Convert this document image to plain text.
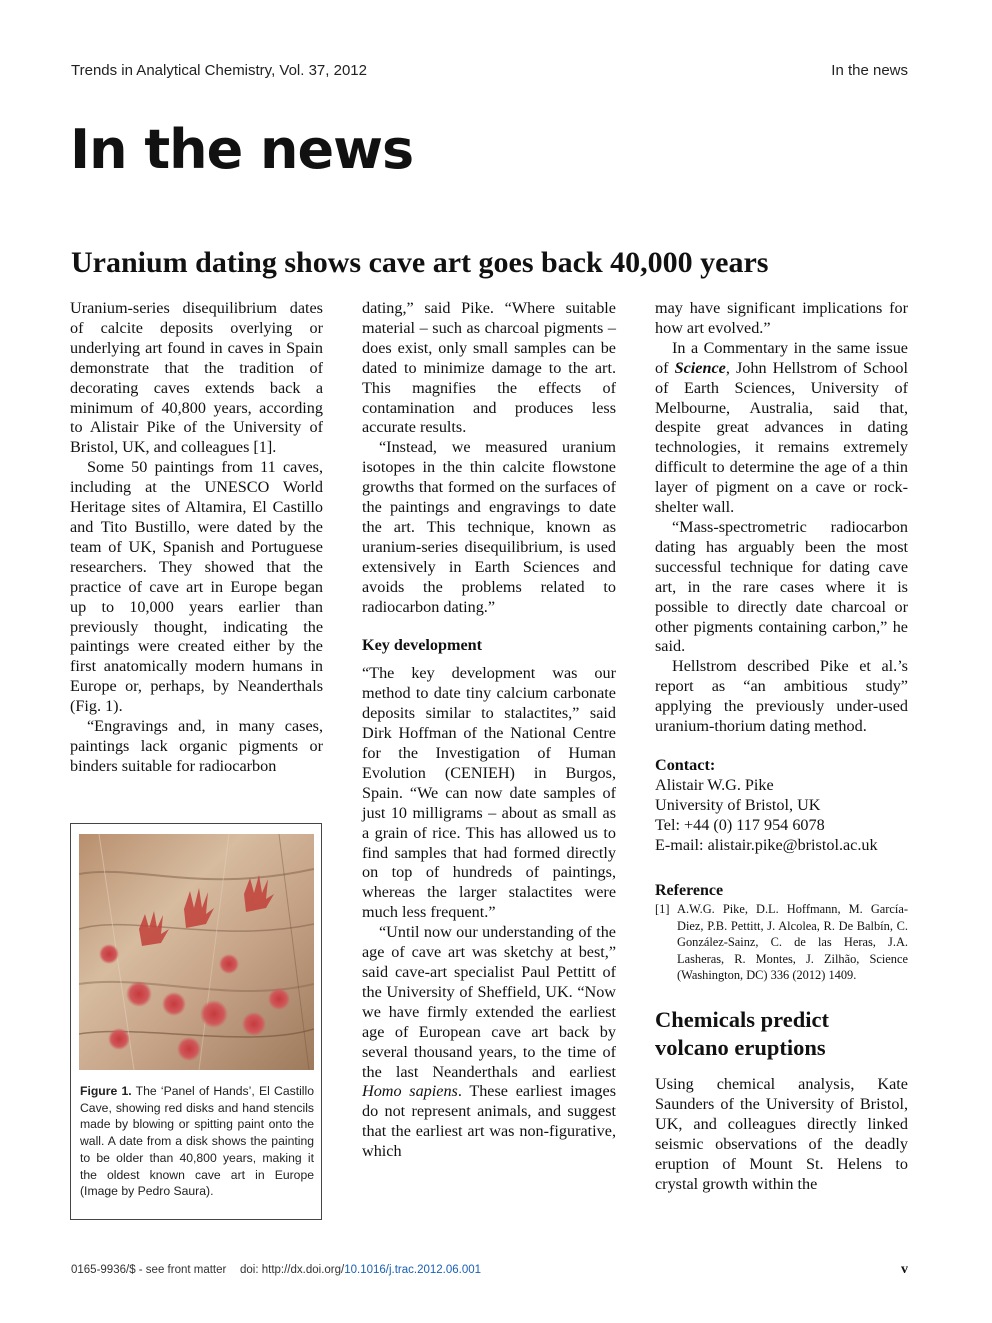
Trends in Analytical Chemistry, Vol. 37, 2012	In the news
In the news
Uranium dating shows cave art goes back 40,000 years

Uranium-series disequilibrium dates of calcite deposits overlying or underlying art found in caves in Spain demonstrate that the tradition of decorating caves extends back a minimum of 40,800 years, according to Alistair Pike of the University of Bristol, UK, and colleagues [1].

Some 50 paintings from 11 caves, including at the UNESCO World Heritage sites of Altamira, El Castillo and Tito Bustillo, were dated by the team of UK, Spanish and Portuguese researchers. They showed that the practice of cave art in Europe began up to 10,000 years earlier than previously thought, indicating the paintings were created either by the first anatomically modern humans in Europe or, perhaps, by Neanderthals (Fig. 1).

“Engravings and, in many cases, paintings lack organic pigments or binders suitable for radiocarbon

Figure 1. The ‘Panel of Hands’, El Castillo Cave, showing red disks and hand stencils made by blowing or spitting paint onto the wall. A date from a disk shows the painting to be older than 40,800 years, making it the oldest known cave art in Europe (Image by Pedro Saura).

dating,” said Pike. “Where suitable material – such as charcoal pigments – does exist, only small samples can be dated to minimize damage to the art. This magnifies the effects of contamination and produces less accurate results.

“Instead, we measured uranium isotopes in the thin calcite flowstone growths that formed on the surfaces of the paintings and engravings to date the art. This technique, known as uranium-series disequilibrium, is used extensively in Earth Sciences and avoids the problems related to radiocarbon dating.”

Key development

“The key development was our method to date tiny calcium carbonate deposits similar to stalactites,” said Dirk Hoffman of the National Centre for the Investigation of Human Evolution (CENIEH) in Burgos, Spain. “We can now date samples of just 10 milligrams – about as small as a grain of rice. This has allowed us to find samples that had formed directly on top of hundreds of paintings, whereas the larger stalactites were much less frequent.”

“Until now our understanding of the age of cave art was sketchy at best,” said cave-art specialist Paul Pettitt of the University of Sheffield, UK. “Now we have firmly extended the earliest age of European cave art back by several thousand years, to the time of the last Neanderthals and earliest Homo sapiens. These earliest images do not represent animals, and suggest that the earliest art was non-figurative, which

may have significant implications for how art evolved.”

In a Commentary in the same issue of Science, John Hellstrom of School of Earth Sciences, University of Melbourne, Australia, said that, despite great advances in dating technologies, it remains extremely difficult to determine the age of a thin layer of pigment on a cave or rock-shelter wall.

“Mass-spectrometric radiocarbon dating has arguably been the most successful technique for dating cave art, in the rare cases where it is possible to directly date charcoal or other pigments containing carbon,” he said.

Hellstrom described Pike et al.’s report as “an ambitious study” applying the previously under-used uranium-thorium dating method.

Contact:
Alistair W.G. Pike
University of Bristol, UK
Tel: +44 (0) 117 954 6078
E-mail: alistair.pike@bristol.ac.uk
Reference
[1] A.W.G. Pike, D.L. Hoffmann, M. García-Diez, P.B. Pettitt, J. Alcolea, R. De Balbín, C. González-Sainz, C. de las Heras, J.A. Lasheras, R. Montes, J. Zilhão, Science (Washington, DC) 336 (2012) 1409.
Chemicals predict volcano eruptions

Using chemical analysis, Kate Saunders of the University of Bristol, UK, and colleagues directly linked seismic observations of the deadly eruption of Mount St. Helens to crystal growth within the

0165-9936/$ - see front matter doi: http://dx.doi.org/10.1016/j.trac.2012.06.001	v
